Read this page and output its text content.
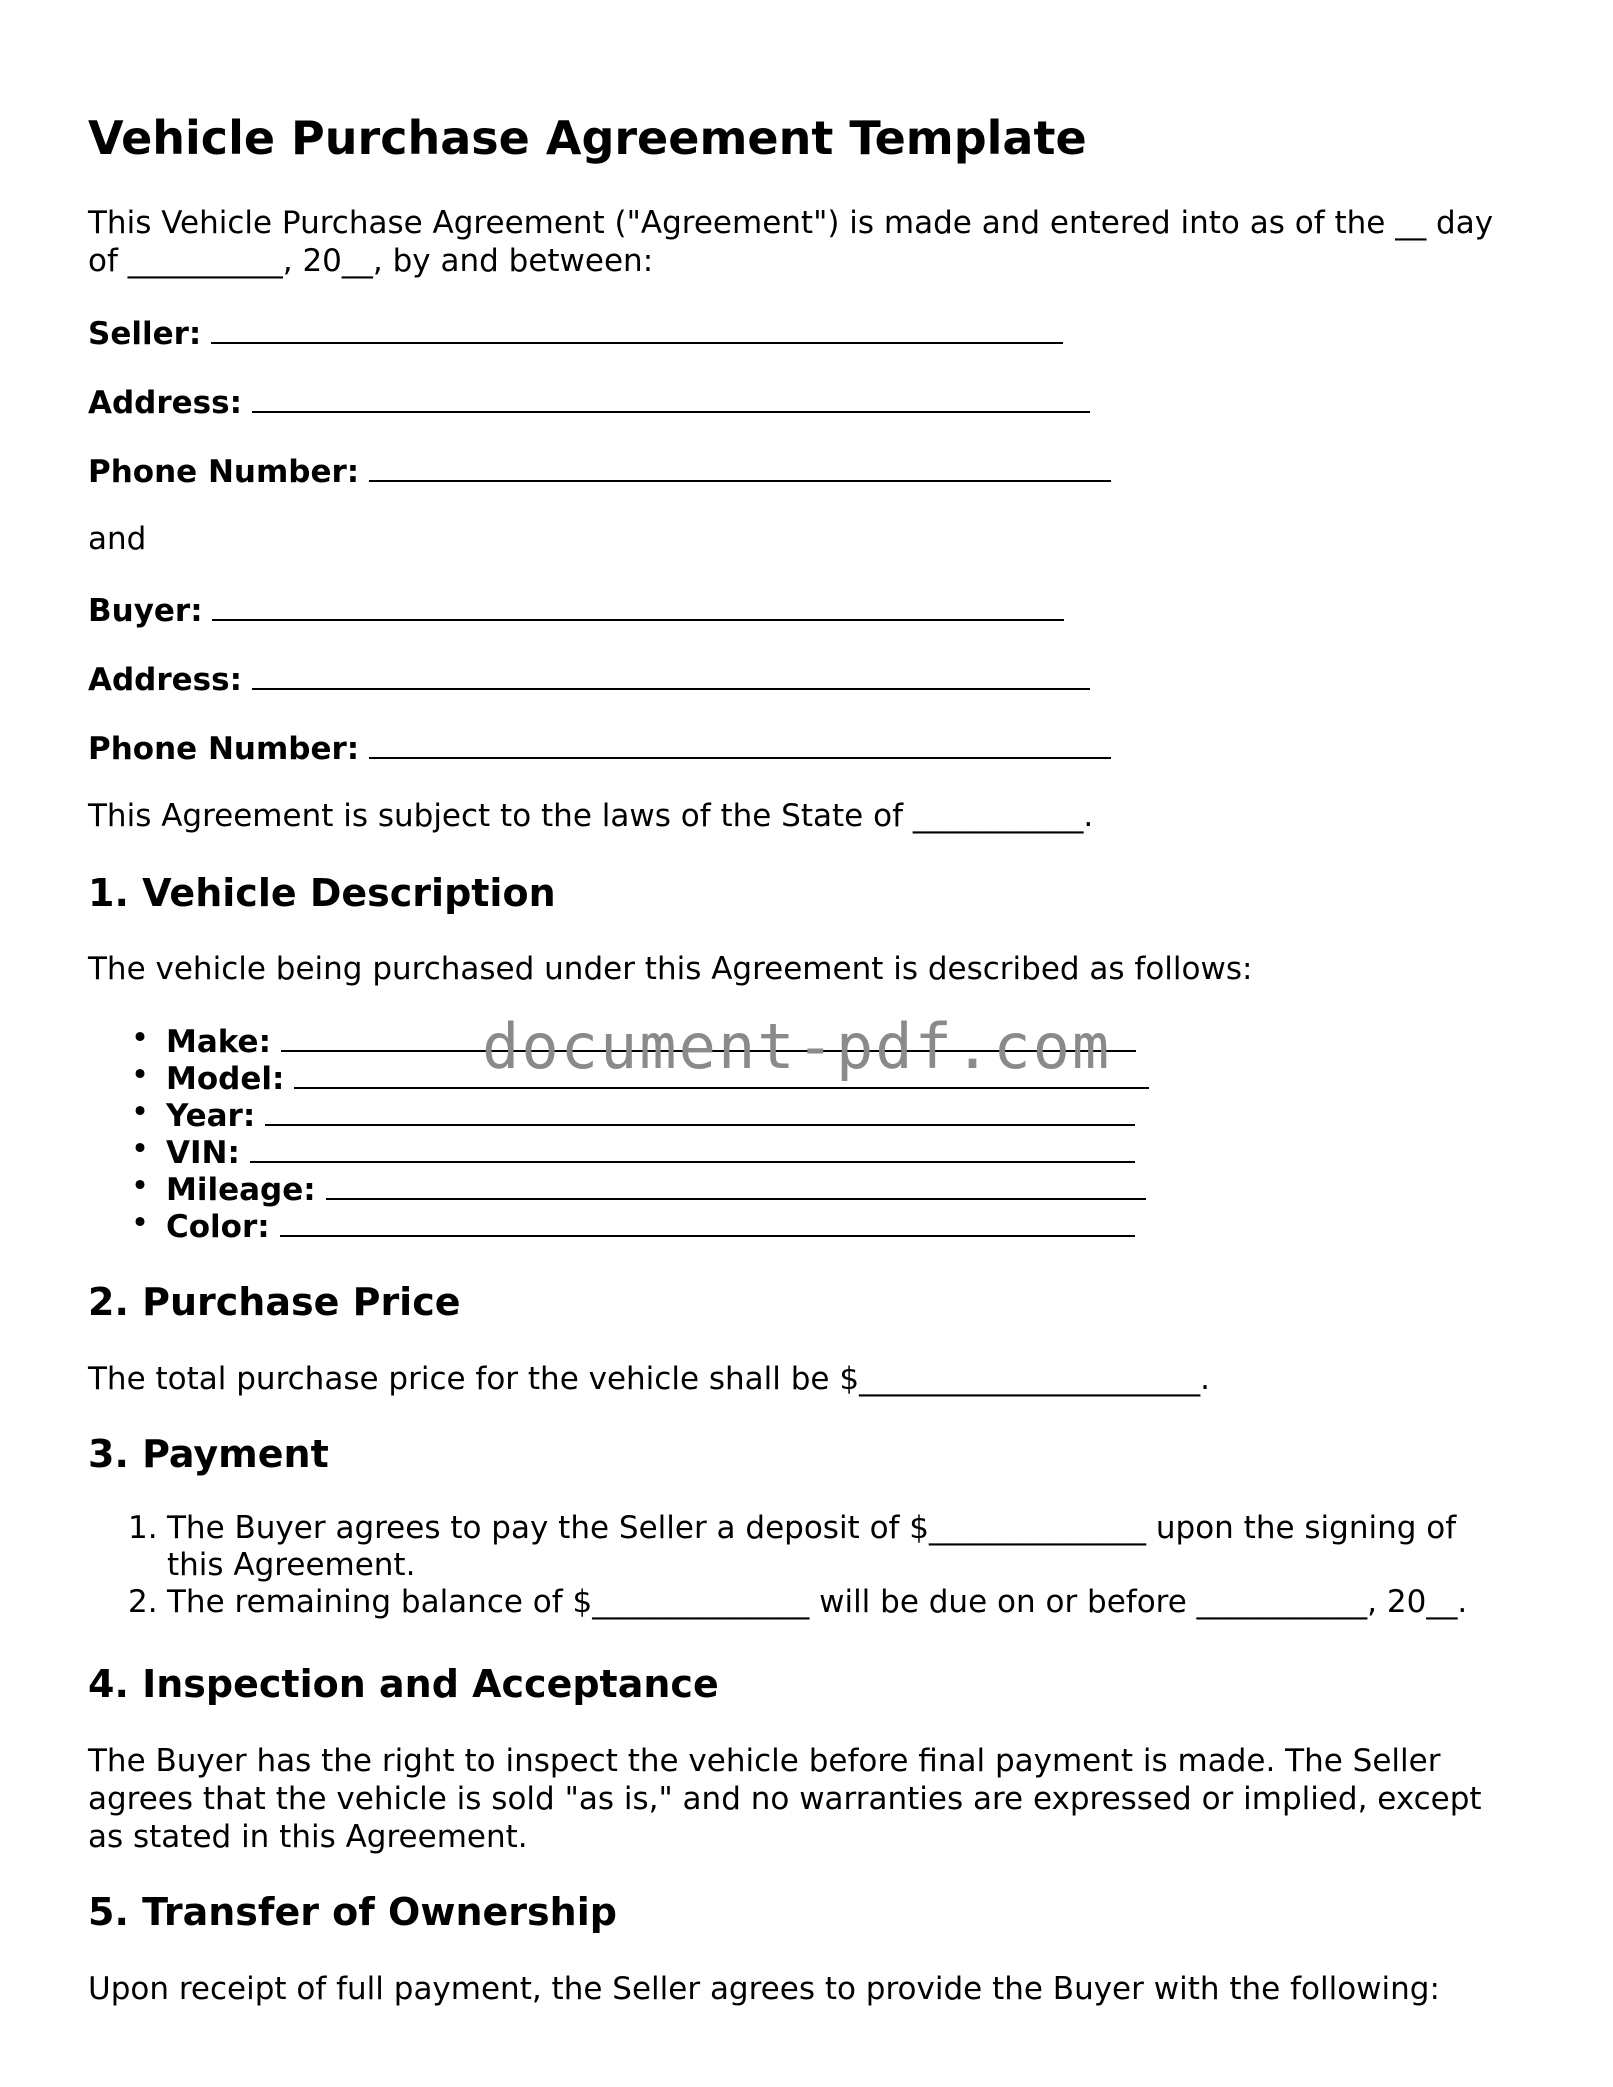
Vehicle Purchase Agreement Template

This Vehicle Purchase Agreement ("Agreement") is made and entered into as of the __ day

of __________, 20__, by and between:

Seller:

Address:

Phone Number:

and

Buyer:

Address:

Phone Number:

This Agreement is subject to the laws of the State of ___________.

1. Vehicle Description

The vehicle being purchased under this Agreement is described as follows:

• Make:
• Model:
• Year:
• VIN:
• Mileage:
• Color:
2. Purchase Price

The total purchase price for the vehicle shall be $______________________.

3. Payment
1. The Buyer agrees to pay the Seller a deposit of $______________ upon the signing of
this Agreement.
2. The remaining balance of $______________ will be due on or before ___________, 20__.
4. Inspection and Acceptance

The Buyer has the right to inspect the vehicle before final payment is made. The Seller

agrees that the vehicle is sold "as is," and no warranties are expressed or implied, except

as stated in this Agreement.

5. Transfer of Ownership

Upon receipt of full payment, the Seller agrees to provide the Buyer with the following:

document-pdf.com
